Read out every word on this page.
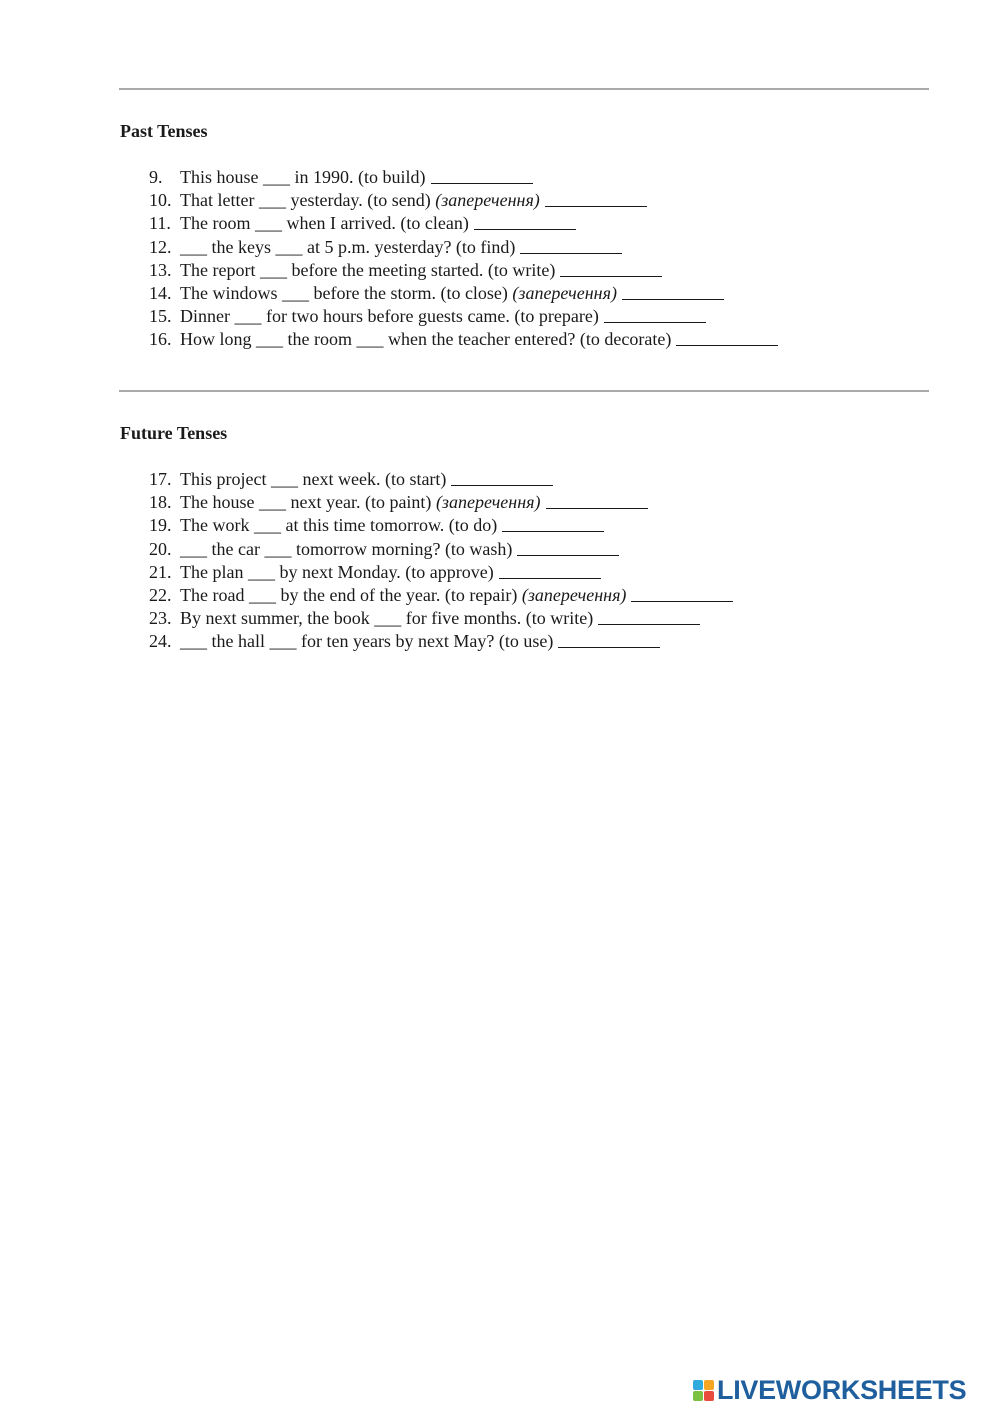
Past Tenses
9. This house ___ in 1990. (to build)
10. That letter ___ yesterday. (to send)
(заперечення)
11. The room ___ when I arrived. (to clean)
12. ___ the keys ___ at 5 p.m. yesterday? (to find)
13. The report ___ before the meeting started. (to write)
14. The windows ___ before the storm. (to close)
(заперечення)
15. Dinner ___ for two hours before guests came. (to prepare)
16. How long ___ the room ___ when the teacher entered? (to decorate)
Future Tenses
17. This project ___ next week. (to start)
18. The house ___ next year. (to paint)
(заперечення)
19. The work ___ at this time tomorrow. (to do)
20. ___ the car ___ tomorrow morning? (to wash)
21. The plan ___ by next Monday. (to approve)
22. The road ___ by the end of the year. (to repair)
(заперечення)
23. By next summer, the book ___ for five months. (to write)
24. ___ the hall ___ for ten years by next May? (to use)
LIVEWORKSHEETS
